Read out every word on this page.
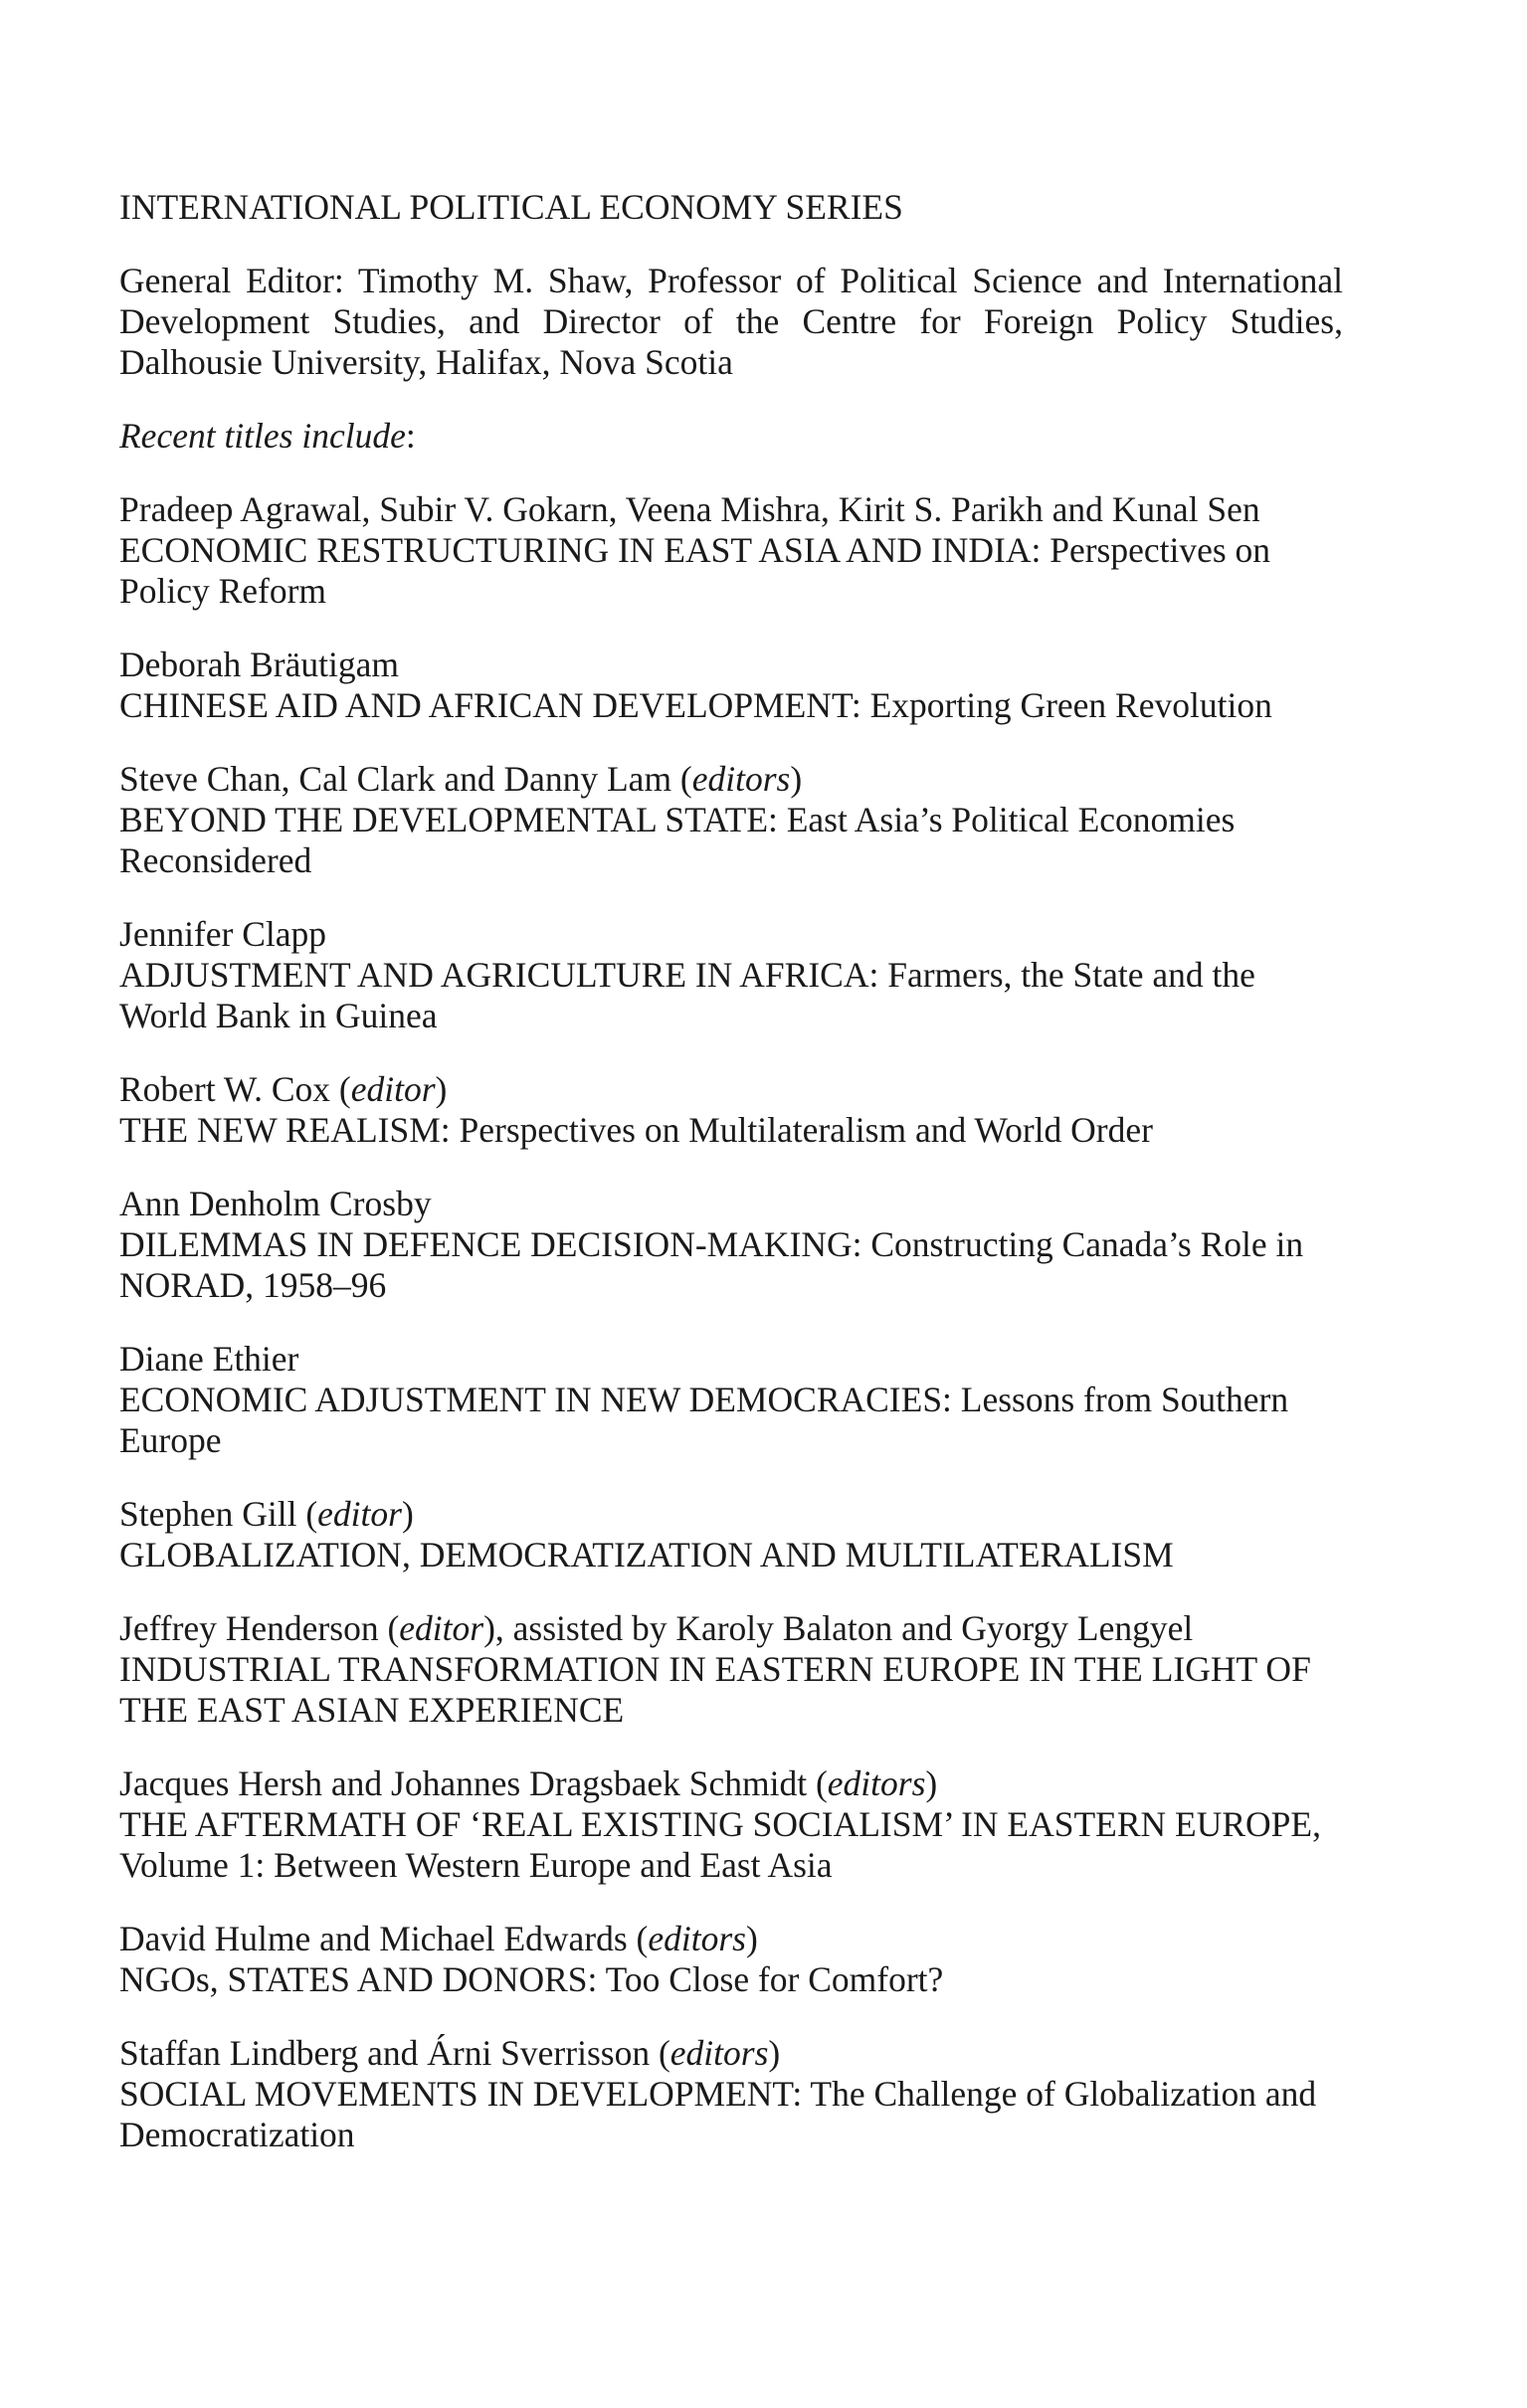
INTERNATIONAL POLITICAL ECONOMY SERIES
General Editor: Timothy M. Shaw, Professor of Political Science and International Development Studies, and Director of the Centre for Foreign Policy Studies, Dalhousie University, Halifax, Nova Scotia
Recent titles include:
Pradeep Agrawal, Subir V. Gokarn, Veena Mishra, Kirit S. Parikh and Kunal Sen
ECONOMIC RESTRUCTURING IN EAST ASIA AND INDIA: Perspectives on Policy Reform
Deborah Bräutigam
CHINESE AID AND AFRICAN DEVELOPMENT: Exporting Green Revolution
Steve Chan, Cal Clark and Danny Lam (editors)
BEYOND THE DEVELOPMENTAL STATE: East Asia’s Political Economies Reconsidered
Jennifer Clapp
ADJUSTMENT AND AGRICULTURE IN AFRICA: Farmers, the State and the World Bank in Guinea
Robert W. Cox (editor)
THE NEW REALISM: Perspectives on Multilateralism and World Order
Ann Denholm Crosby
DILEMMAS IN DEFENCE DECISION-MAKING: Constructing Canada’s Role in NORAD, 1958–96
Diane Ethier
ECONOMIC ADJUSTMENT IN NEW DEMOCRACIES: Lessons from Southern Europe
Stephen Gill (editor)
GLOBALIZATION, DEMOCRATIZATION AND MULTILATERALISM
Jeffrey Henderson (editor), assisted by Karoly Balaton and Gyorgy Lengyel
INDUSTRIAL TRANSFORMATION IN EASTERN EUROPE IN THE LIGHT OF THE EAST ASIAN EXPERIENCE
Jacques Hersh and Johannes Dragsbaek Schmidt (editors)
THE AFTERMATH OF ‘REAL EXISTING SOCIALISM’ IN EASTERN EUROPE, Volume 1: Between Western Europe and East Asia
David Hulme and Michael Edwards (editors)
NGOs, STATES AND DONORS: Too Close for Comfort?
Staffan Lindberg and Árni Sverrisson (editors)
SOCIAL MOVEMENTS IN DEVELOPMENT: The Challenge of Globalization and Democratization
